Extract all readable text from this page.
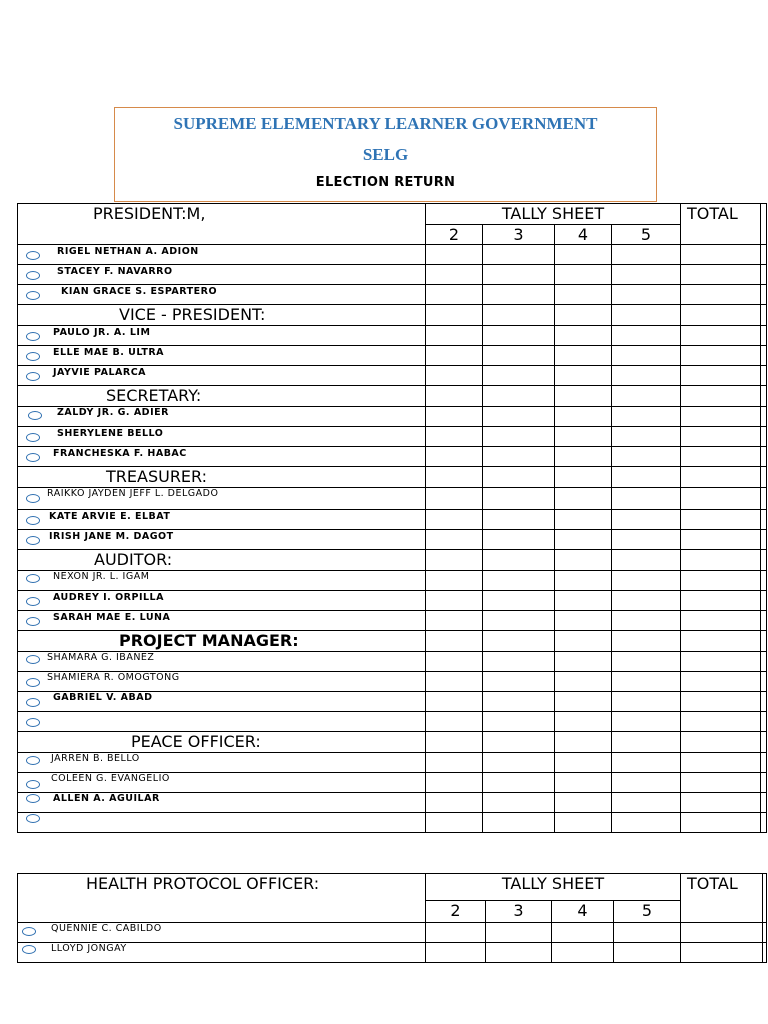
SUPREME ELEMENTARY LEARNER GOVERNMENT
SELG
ELECTION RETURN
PRESIDENT:M,	TALLY SHEET				TOTAL	
	2	3	4	5		

RIGEL NETHAN A. ADION						

STACEY F. NAVARRO						

KIAN GRACE S. ESPARTERO						

VICE - PRESIDENT:						

PAULO JR. A. LIM						

ELLE MAE B. ULTRA						

JAYVIE PALARCA						

SECRETARY:						

ZALDY JR. G. ADIER						

SHERYLENE BELLO						

FRANCHESKA F. HABAC						

TREASURER:						

RAIKKO JAYDEN JEFF L. DELGADO						

KATE ARVIE E. ELBAT						

IRISH JANE M. DAGOT						

AUDITOR:						

NEXON JR. L. IGAM						

AUDREY I. ORPILLA						

SARAH MAE E. LUNA						

PROJECT MANAGER:						

SHAMARA G. IBAÑEZ						

SHAMIERA R. OMOGTONG						

GABRIEL V. ABAD						

PEACE OFFICER:						

JARREN B. BELLO						

COLEEN G. EVANGELIO						

ALLEN A. AGUILAR						

HEALTH PROTOCOL OFFICER:	TALLY SHEET				TOTAL	
	2	3	4	5		

QUENNIE C. CABILDO						

LLOYD JONGAY						
